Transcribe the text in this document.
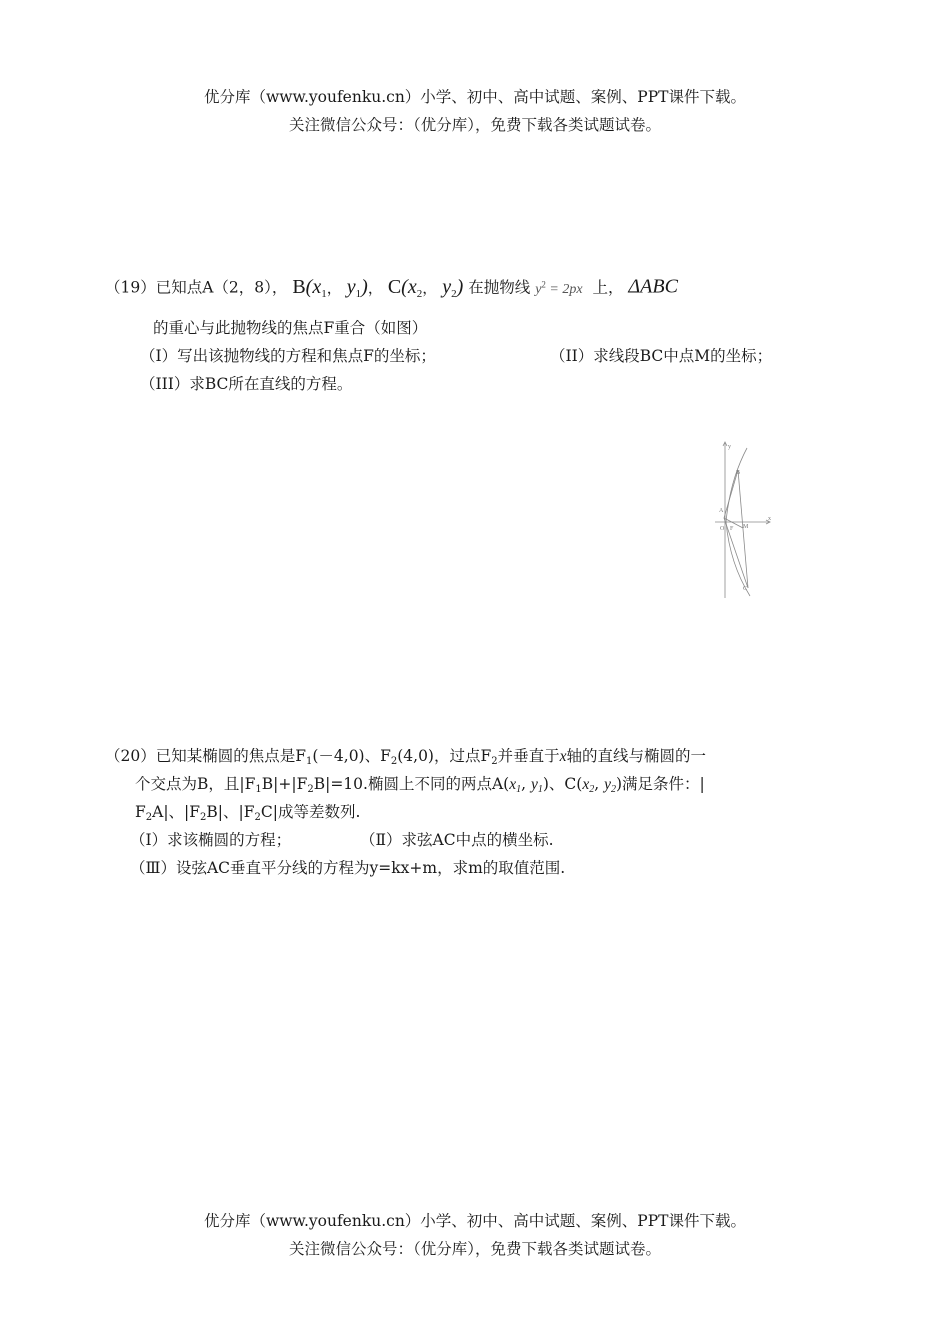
优分库（www.youfenku.cn）小学、初中、高中试题、案例、PPT课件下载。
关注微信公众号：（优分库），免费下载各类试题试卷。
（19）已知点A（2，8）， $B(x_1$， $y_1$)， $C(x_2$， $y_2$) 在抛物线 $y^2 = 2px$ 上， ΔABC
的重心与此抛物线的焦点F重合（如图）
（I）写出该抛物线的方程和焦点F的坐标；	（II）求线段BC中点M的坐标；
（III）求BC所在直线的方程。
y
B
A
x
O F M
C
（20）已知某椭圆的焦点是F1(－4,0)、F2(4,0)，过点F2并垂直于x轴的直线与椭圆的一
个交点为B，且|F1B|+|F2B|=10.椭圆上不同的两点A(x1, y1)、C(x2, y2)满足条件：|
F2A|、|F2B|、|F2C|成等差数列.
（I）求该椭圆的方程；	（Ⅱ）求弦AC中点的横坐标.
（Ⅲ）设弦AC垂直平分线的方程为y=kx+m，求m的取值范围.
优分库（www.youfenku.cn）小学、初中、高中试题、案例、PPT课件下载。
关注微信公众号：（优分库），免费下载各类试题试卷。
